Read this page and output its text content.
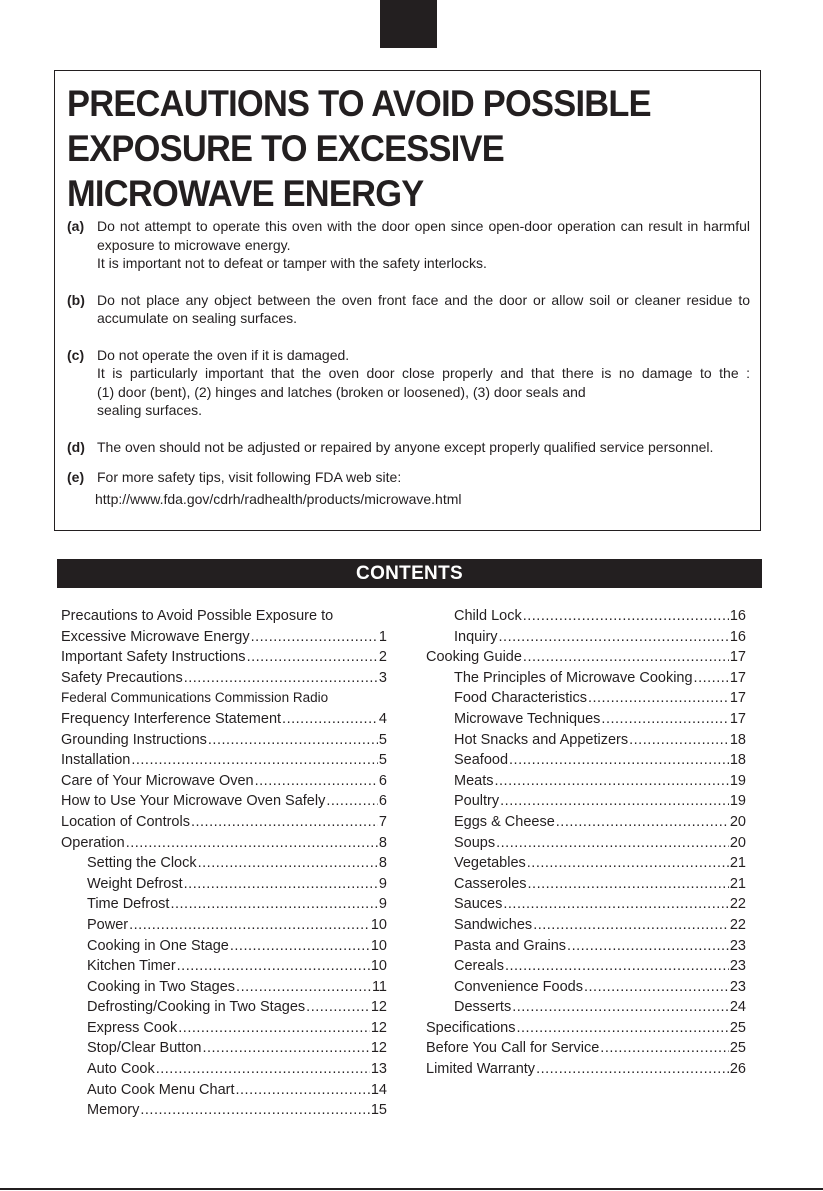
PRECAUTIONS TO AVOID POSSIBLE
EXPOSURE TO EXCESSIVE
MICROWAVE ENERGY
(a) Do not attempt to operate this oven with the door open since open-door operation can result in harmful exposure to microwave energy.

It is important not to defeat or tamper with the safety interlocks.

(b) Do not place any object between the oven front face and the door or allow soil or cleaner residue to accumulate on sealing surfaces.

(c) Do not operate the oven if it is damaged.

It is particularly important that the oven door close properly and that there is no damage to the :

(1) door (bent), (2) hinges and latches (broken or loosened), (3) door seals and

sealing surfaces.

(d) The oven should not be adjusted or repaired by anyone except properly qualified service personnel.

(e) For more safety tips, visit following FDA web site:

http://www.fda.gov/cdrh/radhealth/products/microwave.html

CONTENTS
Precautions to Avoid Possible Exposure to
Excessive Microwave Energy .....	1
Important Safety Instructions .....	2
Safety Precautions .....	3
Federal Communications Commission Radio
Frequency Interference Statement .....	4
Grounding Instructions .....	5
Installation .....	5
Care of Your Microwave Oven .....	6
How to Use Your Microwave Oven Safely .....	6
Location of Controls .....	7
Operation .....	8
Setting the Clock .....	8
Weight Defrost .....	9
Time Defrost .....	9
Power .....	10
Cooking in One Stage .....	10
Kitchen Timer .....	10
Cooking in Two Stages .....	11
Defrosting/Cooking in Two Stages .....	12
Express Cook .....	12
Stop/Clear Button .....	12
Auto Cook .....	13
Auto Cook Menu Chart .....	14
Memory .....	15
Child Lock .....	16
Inquiry .....	16
Cooking Guide .....	17
The Principles of Microwave Cooking .....	17
Food Characteristics .....	17
Microwave Techniques .....	17
Hot Snacks and Appetizers .....	18
Seafood .....	18
Meats .....	19
Poultry .....	19
Eggs & Cheese .....	20
Soups .....	20
Vegetables .....	21
Casseroles .....	21
Sauces .....	22
Sandwiches .....	22
Pasta and Grains .....	23
Cereals .....	23
Convenience Foods .....	23
Desserts .....	24
Specifications .....	25
Before You Call for Service .....	25
Limited Warranty .....	26
